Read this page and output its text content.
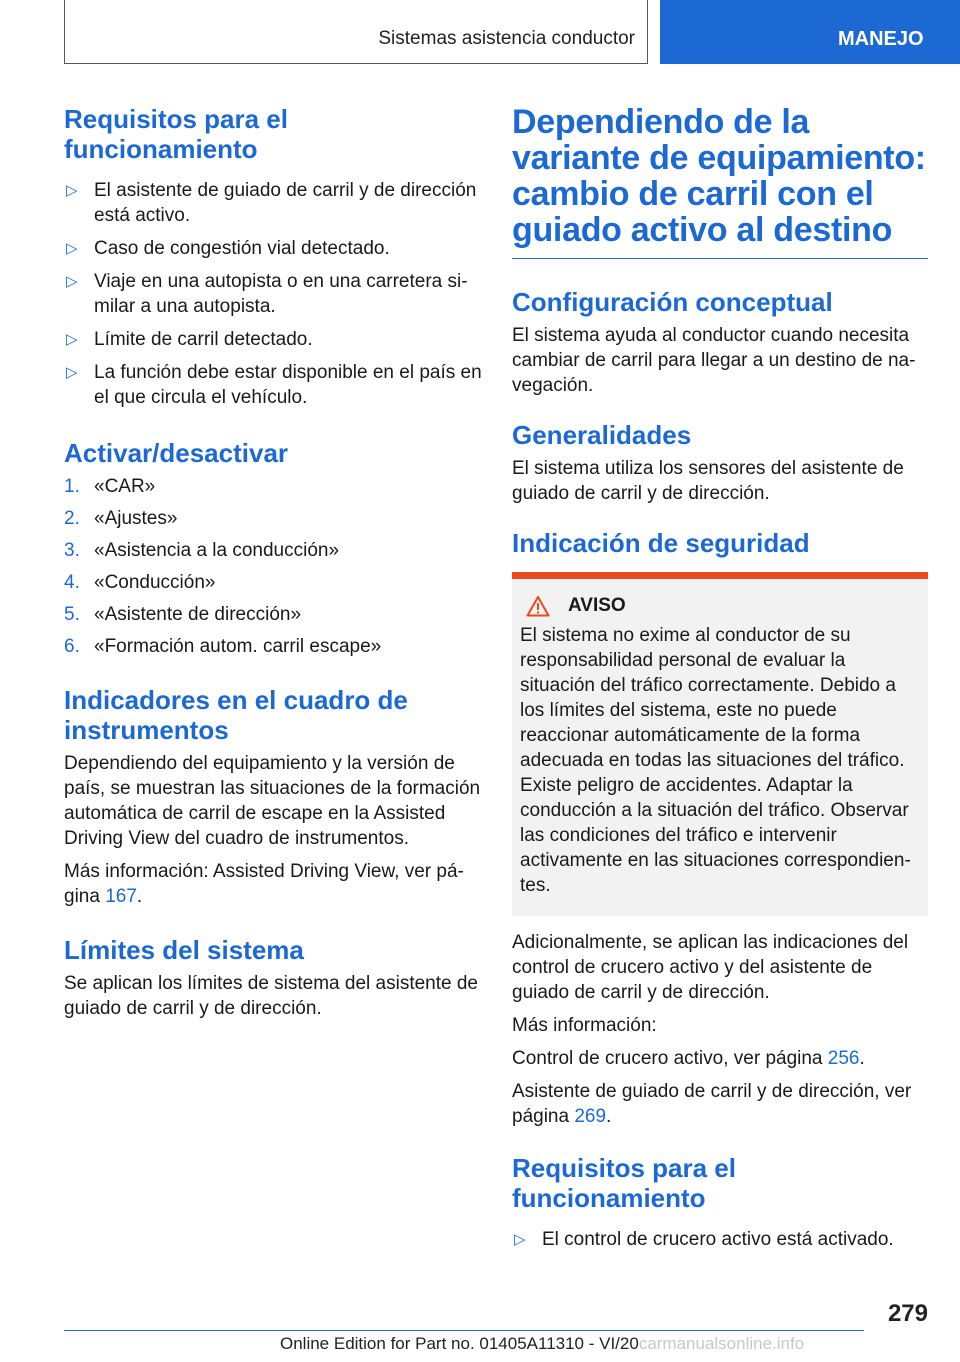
Sistemas asistencia conductor	MANEJO
Requisitos para el funcionamiento
▷ El asistente de guiado de carril y de dirección está activo.
▷ Caso de congestión vial detectado.
▷ Viaje en una autopista o en una carretera similar a una autopista.
▷ Límite de carril detectado.
▷ La función debe estar disponible en el país en el que circula el vehículo.
Activar/desactivar
1. «CAR»
2. «Ajustes»
3. «Asistencia a la conducción»
4. «Conducción»
5. «Asistente de dirección»
6. «Formación autom. carril escape»
Indicadores en el cuadro de instrumentos

Dependiendo del equipamiento y la versión de país, se muestran las situaciones de la formación automática de carril de escape en la Assisted Driving View del cuadro de instrumentos.

Más información: Assisted Driving View, ver página 167.

Límites del sistema

Se aplican los límites de sistema del asistente de guiado de carril y de dirección.

Dependiendo de la variante de equipamiento: cambio de carril con el guiado activo al destino
Configuración conceptual

El sistema ayuda al conductor cuando necesita cambiar de carril para llegar a un destino de navegación.

Generalidades

El sistema utiliza los sensores del asistente de guiado de carril y de dirección.

Indicación de seguridad
AVISO

El sistema no exime al conductor de su responsabilidad personal de evaluar la situación del tráfico correctamente. Debido a los límites del sistema, este no puede reaccionar automáticamente de la forma adecuada en todas las situaciones del tráfico. Existe peligro de accidentes. Adaptar la conducción a la situación del tráfico. Observar las condiciones del tráfico e intervenir activamente en las situaciones correspondientes.

Adicionalmente, se aplican las indicaciones del control de crucero activo y del asistente de guiado de carril y de dirección.

Más información:

Control de crucero activo, ver página 256.

Asistente de guiado de carril y de dirección, ver página 269.

Requisitos para el funcionamiento
▷ El control de crucero activo está activado.
279
Online Edition for Part no. 01405A11310 - VI/20carmanualsonline.info
